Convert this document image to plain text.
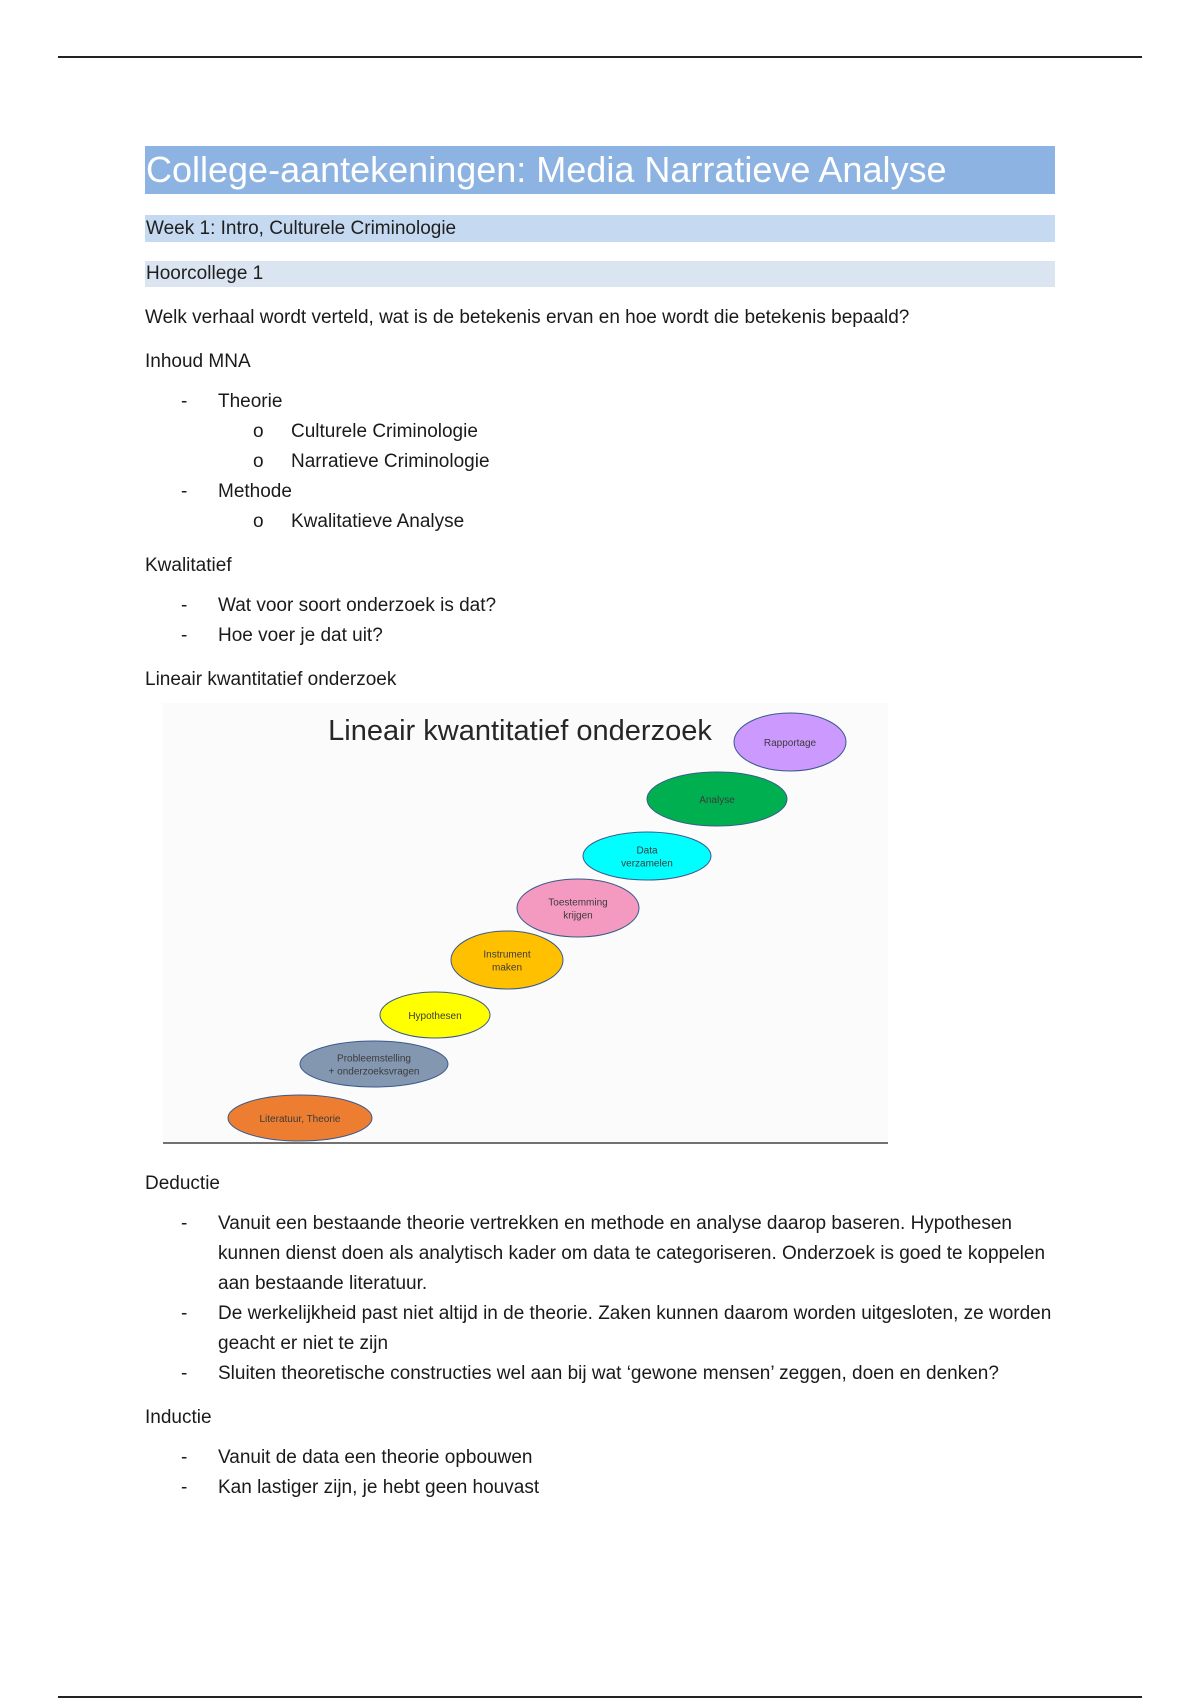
College-aantekeningen: Media Narratieve Analyse
Week 1: Intro, Culturele Criminologie
Hoorcollege 1
Welk verhaal wordt verteld, wat is de betekenis ervan en hoe wordt die betekenis bepaald?
Inhoud MNA
- Theorie
o Culturele Criminologie
o Narratieve Criminologie
- Methode
o Kwalitatieve Analyse
Kwalitatief
- Wat voor soort onderzoek is dat?
- Hoe voer je dat uit?
Lineair kwantitatief onderzoek
Lineair kwantitatief onderzoek
Literatuur, Theorie
Probleemstelling
+ onderzoeksvragen
Hypothesen
Instrument
maken
Toestemming
krijgen
Data
verzamelen
Analyse
Rapportage
Deductie
- Vanuit een bestaande theorie vertrekken en methode en analyse daarop baseren. Hypothesen kunnen dienst doen als analytisch kader om data te categoriseren. Onderzoek is goed te koppelen aan bestaande literatuur.
- De werkelijkheid past niet altijd in de theorie. Zaken kunnen daarom worden uitgesloten, ze worden geacht er niet te zijn
- Sluiten theoretische constructies wel aan bij wat ‘gewone mensen’ zeggen, doen en denken?
Inductie
- Vanuit de data een theorie opbouwen
- Kan lastiger zijn, je hebt geen houvast
